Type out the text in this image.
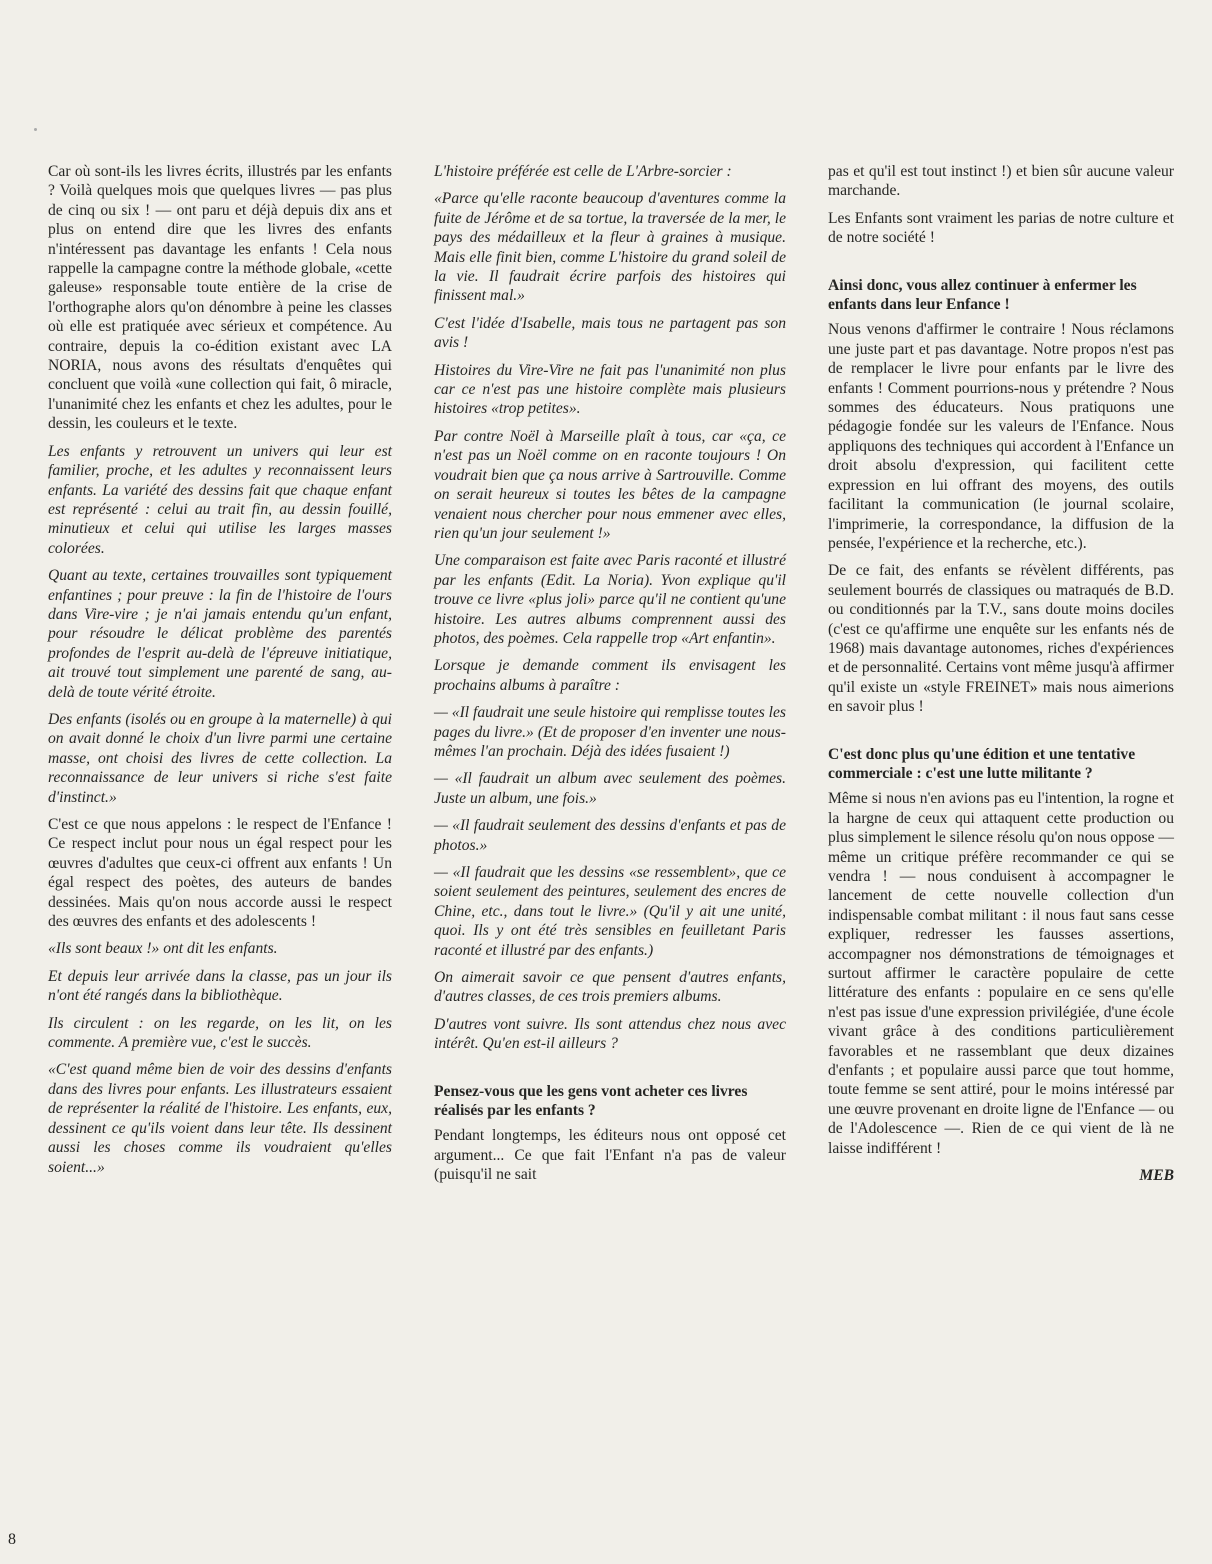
Car où sont-ils les livres écrits, illustrés par les enfants ? Voilà quelques mois que quelques livres — pas plus de cinq ou six ! — ont paru et déjà depuis dix ans et plus on entend dire que les livres des enfants n'intéressent pas davantage les enfants ! Cela nous rappelle la campagne contre la méthode globale, «cette galeuse» responsable toute entière de la crise de l'orthographe alors qu'on dénombre à peine les classes où elle est pratiquée avec sérieux et compétence. Au contraire, depuis la co-édition existant avec LA NORIA, nous avons des résultats d'enquêtes qui concluent que voilà «une collection qui fait, ô miracle, l'unanimité chez les enfants et chez les adultes, pour le dessin, les couleurs et le texte.

Les enfants y retrouvent un univers qui leur est familier, proche, et les adultes y reconnaissent leurs enfants. La variété des dessins fait que chaque enfant est représenté : celui au trait fin, au dessin fouillé, minutieux et celui qui utilise les larges masses colorées.

Quant au texte, certaines trouvailles sont typiquement enfantines ; pour preuve : la fin de l'histoire de l'ours dans Vire-vire ; je n'ai jamais entendu qu'un enfant, pour résoudre le délicat problème des parentés profondes de l'esprit au-delà de l'épreuve initiatique, ait trouvé tout simplement une parenté de sang, au-delà de toute vérité étroite.

Des enfants (isolés ou en groupe à la maternelle) à qui on avait donné le choix d'un livre parmi une certaine masse, ont choisi des livres de cette collection. La reconnaissance de leur univers si riche s'est faite d'instinct.»

C'est ce que nous appelons : le respect de l'Enfance ! Ce respect inclut pour nous un égal respect pour les œuvres d'adultes que ceux-ci offrent aux enfants ! Un égal respect des poètes, des auteurs de bandes dessinées. Mais qu'on nous accorde aussi le respect des œuvres des enfants et des adolescents !

«Ils sont beaux !» ont dit les enfants.

Et depuis leur arrivée dans la classe, pas un jour ils n'ont été rangés dans la bibliothèque.

Ils circulent : on les regarde, on les lit, on les commente. A première vue, c'est le succès.

«C'est quand même bien de voir des dessins d'enfants dans des livres pour enfants. Les illustrateurs essaient de représenter la réalité de l'histoire. Les enfants, eux, dessinent ce qu'ils voient dans leur tête. Ils dessinent aussi les choses comme ils voudraient qu'elles soient...»

L'histoire préférée est celle de L'Arbre-sorcier :

«Parce qu'elle raconte beaucoup d'aventures comme la fuite de Jérôme et de sa tortue, la traversée de la mer, le pays des médailleux et la fleur à graines à musique. Mais elle finit bien, comme L'histoire du grand soleil de la vie. Il faudrait écrire parfois des histoires qui finissent mal.»

C'est l'idée d'Isabelle, mais tous ne partagent pas son avis !

Histoires du Vire-Vire ne fait pas l'unanimité non plus car ce n'est pas une histoire complète mais plusieurs histoires «trop petites».

Par contre Noël à Marseille plaît à tous, car «ça, ce n'est pas un Noël comme on en raconte toujours ! On voudrait bien que ça nous arrive à Sartrouville. Comme on serait heureux si toutes les bêtes de la campagne venaient nous chercher pour nous emmener avec elles, rien qu'un jour seulement !»

Une comparaison est faite avec Paris raconté et illustré par les enfants (Edit. La Noria). Yvon explique qu'il trouve ce livre «plus joli» parce qu'il ne contient qu'une histoire. Les autres albums comprennent aussi des photos, des poèmes. Cela rappelle trop «Art enfantin».

Lorsque je demande comment ils envisagent les prochains albums à paraître :

— «Il faudrait une seule histoire qui remplisse toutes les pages du livre.» (Et de proposer d'en inventer une nous-mêmes l'an prochain. Déjà des idées fusaient !)

— «Il faudrait un album avec seulement des poèmes. Juste un album, une fois.»

— «Il faudrait seulement des dessins d'enfants et pas de photos.»

— «Il faudrait que les dessins «se ressemblent», que ce soient seulement des peintures, seulement des encres de Chine, etc., dans tout le livre.» (Qu'il y ait une unité, quoi. Ils y ont été très sensibles en feuilletant Paris raconté et illustré par des enfants.)

On aimerait savoir ce que pensent d'autres enfants, d'autres classes, de ces trois premiers albums.

D'autres vont suivre. Ils sont attendus chez nous avec intérêt. Qu'en est-il ailleurs ?

Pensez-vous que les gens vont acheter ces livres réalisés par les enfants ?

Pendant longtemps, les éditeurs nous ont opposé cet argument... Ce que fait l'Enfant n'a pas de valeur (puisqu'il ne sait

pas et qu'il est tout instinct !) et bien sûr aucune valeur marchande.

Les Enfants sont vraiment les parias de notre culture et de notre société !

Ainsi donc, vous allez continuer à enfermer les enfants dans leur Enfance !

Nous venons d'affirmer le contraire ! Nous réclamons une juste part et pas davantage. Notre propos n'est pas de remplacer le livre pour enfants par le livre des enfants ! Comment pourrions-nous y prétendre ? Nous sommes des éducateurs. Nous pratiquons une pédagogie fondée sur les valeurs de l'Enfance. Nous appliquons des techniques qui accordent à l'Enfance un droit absolu d'expression, qui facilitent cette expression en lui offrant des moyens, des outils facilitant la communication (le journal scolaire, l'imprimerie, la correspondance, la diffusion de la pensée, l'expérience et la recherche, etc.).

De ce fait, des enfants se révèlent différents, pas seulement bourrés de classiques ou matraqués de B.D. ou conditionnés par la T.V., sans doute moins dociles (c'est ce qu'affirme une enquête sur les enfants nés de 1968) mais davantage autonomes, riches d'expériences et de personnalité. Certains vont même jusqu'à affirmer qu'il existe un «style FREINET» mais nous aimerions en savoir plus !

C'est donc plus qu'une édition et une tentative commerciale : c'est une lutte militante ?

Même si nous n'en avions pas eu l'intention, la rogne et la hargne de ceux qui attaquent cette production ou plus simplement le silence résolu qu'on nous oppose — même un critique préfère recommander ce qui se vendra ! — nous conduisent à accompagner le lancement de cette nouvelle collection d'un indispensable combat militant : il nous faut sans cesse expliquer, redresser les fausses assertions, accompagner nos démonstrations de témoignages et surtout affirmer le caractère populaire de cette littérature des enfants : populaire en ce sens qu'elle n'est pas issue d'une expression privilégiée, d'une école vivant grâce à des conditions particulièrement favorables et ne rassemblant que deux dizaines d'enfants ; et populaire aussi parce que tout homme, toute femme se sent attiré, pour le moins intéressé par une œuvre provenant en droite ligne de l'Enfance — ou de l'Adolescence —. Rien de ce qui vient de là ne laisse indifférent !

MEB
8
